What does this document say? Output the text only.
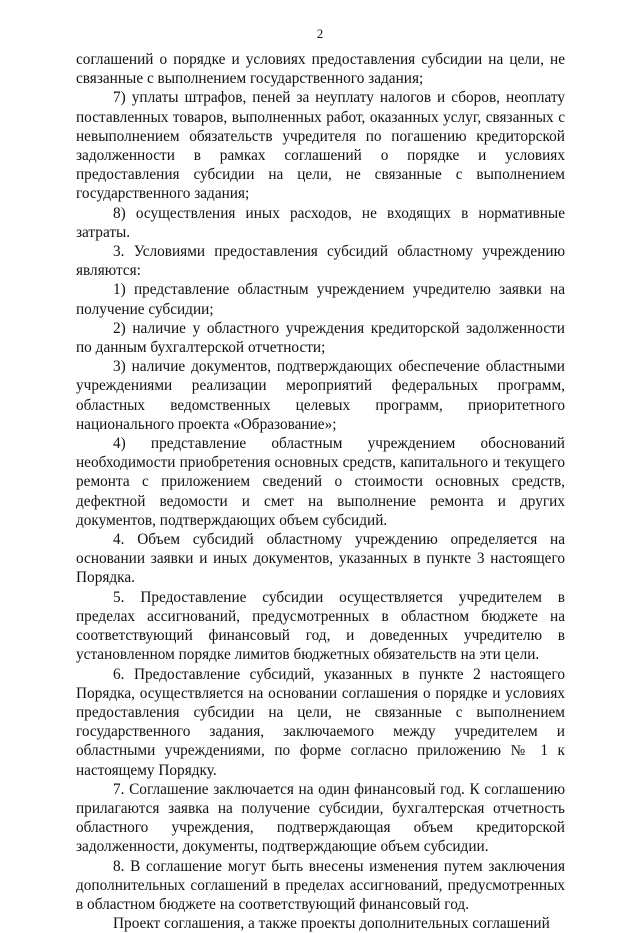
2

соглашений о порядке и условиях предоставления субсидии на цели, не связанные с выполнением государственного задания;

7) уплаты штрафов, пеней за неуплату налогов и сборов, неоплату поставленных товаров, выполненных работ, оказанных услуг, связанных с невыполнением обязательств учредителя по погашению кредиторской задолженности в рамках соглашений о порядке и условиях предоставления субсидии на цели, не связанные с выполнением государственного задания;

8) осуществления иных расходов, не входящих в нормативные затраты.

3. Условиями предоставления субсидий областному учреждению являются:

1) представление областным учреждением учредителю заявки на получение субсидии;

2) наличие у областного учреждения кредиторской задолженности по данным бухгалтерской отчетности;

3) наличие документов, подтверждающих обеспечение областными учреждениями реализации мероприятий федеральных программ, областных ведомственных целевых программ, приоритетного национального проекта «Образование»;

4) представление областным учреждением обоснований необходимости приобретения основных средств, капитального и текущего ремонта с приложением сведений о стоимости основных средств, дефектной ведомости и смет на выполнение ремонта и других документов, подтверждающих объем субсидий.

4. Объем субсидий областному учреждению определяется на основании заявки и иных документов, указанных в пункте 3 настоящего Порядка.

5. Предоставление субсидии осуществляется учредителем в пределах ассигнований, предусмотренных в областном бюджете на соответствующий финансовый год, и доведенных учредителю в установленном порядке лимитов бюджетных обязательств на эти цели.

6. Предоставление субсидий, указанных в пункте 2 настоящего Порядка, осуществляется на основании соглашения о порядке и условиях предоставления субсидии на цели, не связанные с выполнением государственного задания, заключаемого между учредителем и областными учреждениями, по форме согласно приложению № 1 к настоящему Порядку.

7. Соглашение заключается на один финансовый год. К соглашению прилагаются заявка на получение субсидии, бухгалтерская отчетность областного учреждения, подтверждающая объем кредиторской задолженности, документы, подтверждающие объем субсидии.

8. В соглашение могут быть внесены изменения путем заключения дополнительных соглашений в пределах ассигнований, предусмотренных в областном бюджете на соответствующий финансовый год.

Проект соглашения, а также проекты дополнительных соглашений
